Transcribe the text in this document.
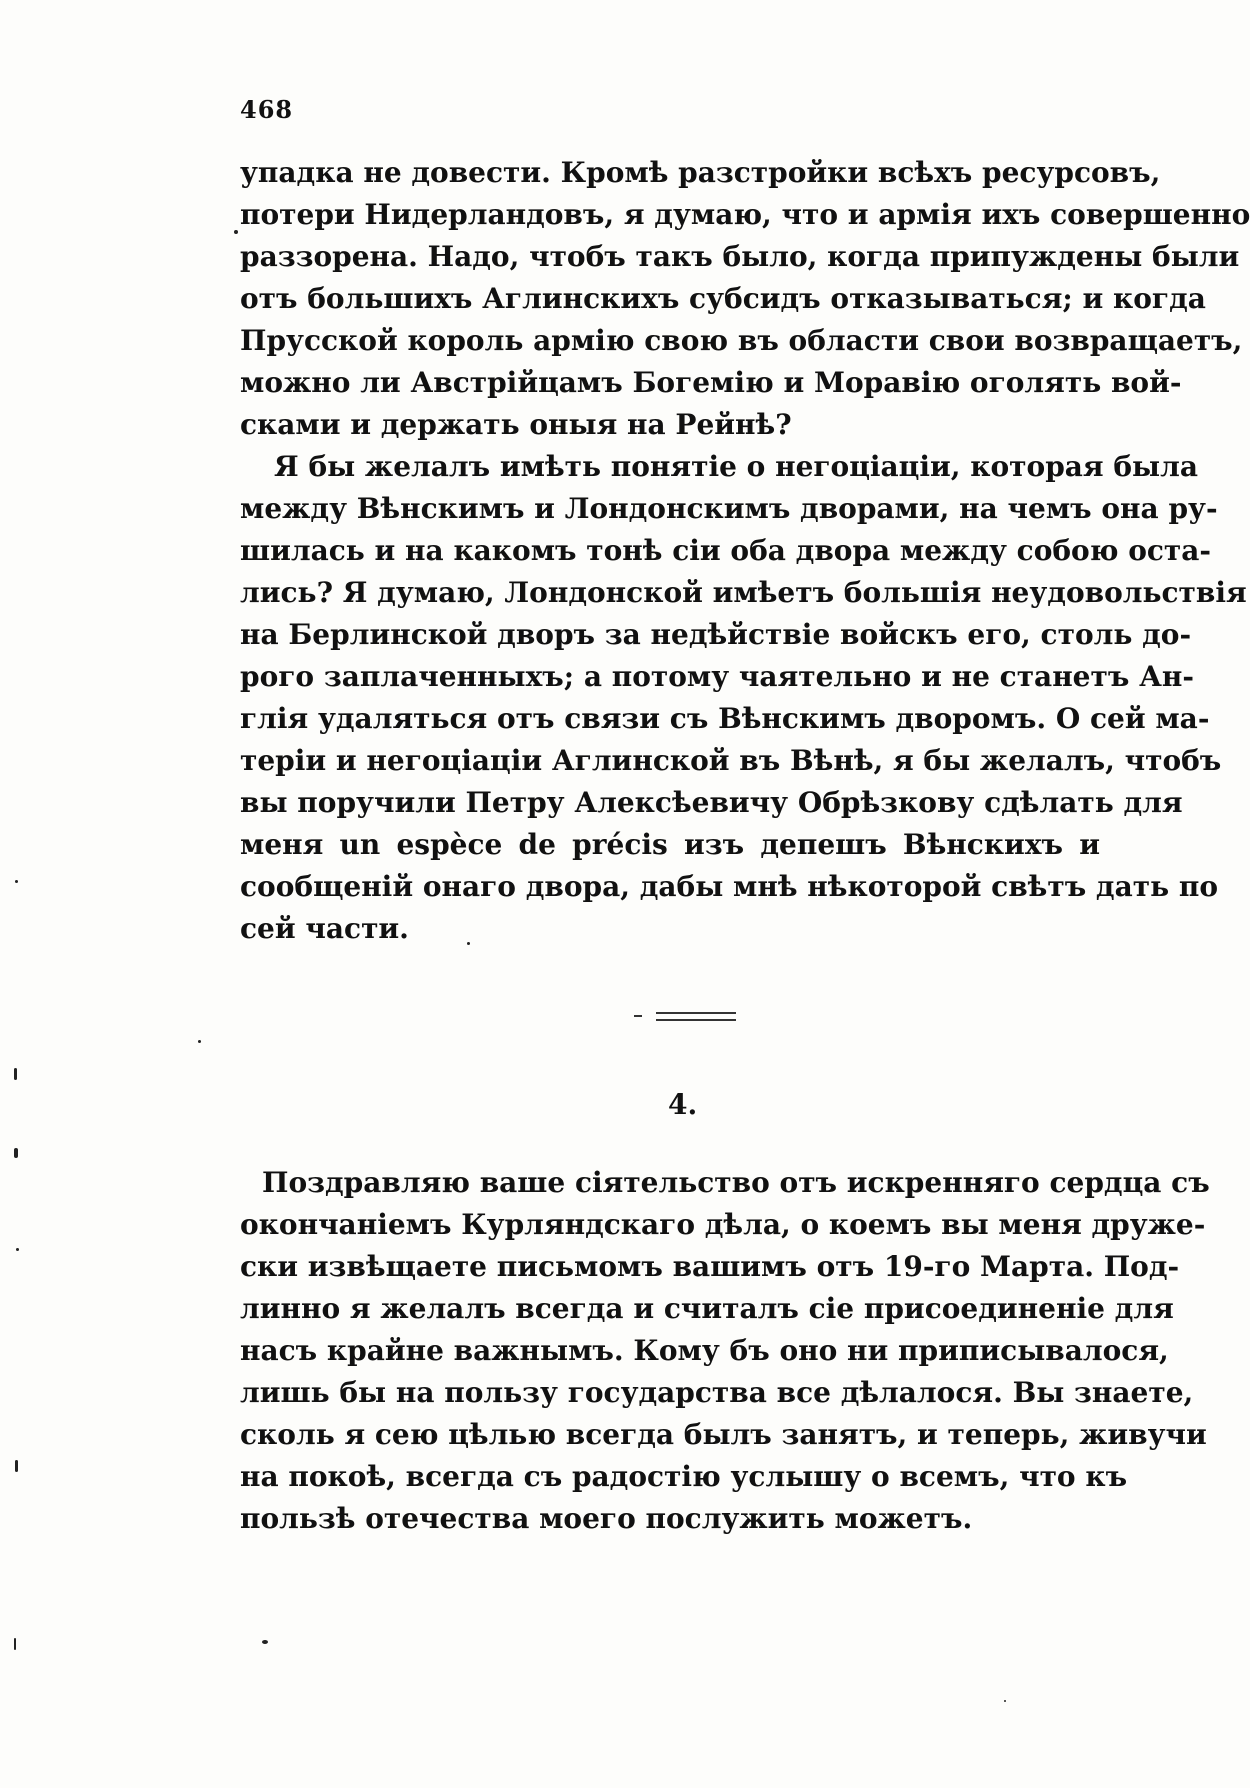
468
упадка не довести. Кромѣ разстройки всѣхъ ресурсовъ,
потери Нидерландовъ, я думаю, что и армія ихъ совершенно
раззорена. Надо, чтобъ такъ было, когда припуждены были
отъ большихъ Аглинскихъ субсидъ отказываться; и когда
Прусской король армію свою въ области свои возвращаетъ,
можно ли Австрійцамъ Богемію и Моравію оголять вой-
сками и держать оныя на Рейнѣ?
Я бы желалъ имѣть понятіе о негоціаціи, которая была
между Вѣнскимъ и Лондонскимъ дворами, на чемъ она ру-
шилась и на какомъ тонѣ сіи оба двора между собою оста-
лись? Я думаю, Лондонской имѣетъ большія неудовольствія
на Берлинской дворъ за недѣйствіе войскъ его, столь до-
рого заплаченныхъ; а потому чаятельно и не станетъ Ан-
глія удаляться отъ связи съ Вѣнскимъ дворомъ. О сей ма-
теріи и негоціаціи Аглинской въ Вѣнѣ, я бы желалъ, чтобъ
вы поручили Петру Алексѣевичу Обрѣзкову сдѣлать для
меня un espèce de précis изъ депешъ Вѣнскихъ и
сообщеній онаго двора, дабы мнѣ нѣкоторой свѣтъ дать по
сей части.
4.
Поздравляю ваше сіятельство отъ искренняго сердца съ
окончаніемъ Курляндскаго дѣла, о коемъ вы меня друже-
ски извѣщаете письмомъ вашимъ отъ 19-го Марта. Под-
линно я желалъ всегда и считалъ сіе присоединеніе для
насъ крайне важнымъ. Кому бъ оно ни приписывалося,
лишь бы на пользу государства все дѣлалося. Вы знаете,
сколь я сею цѣлью всегда былъ занятъ, и теперь, живучи
на покоѣ, всегда съ радостію услышу о всемъ, что къ
пользѣ отечества моего послужить можетъ.
